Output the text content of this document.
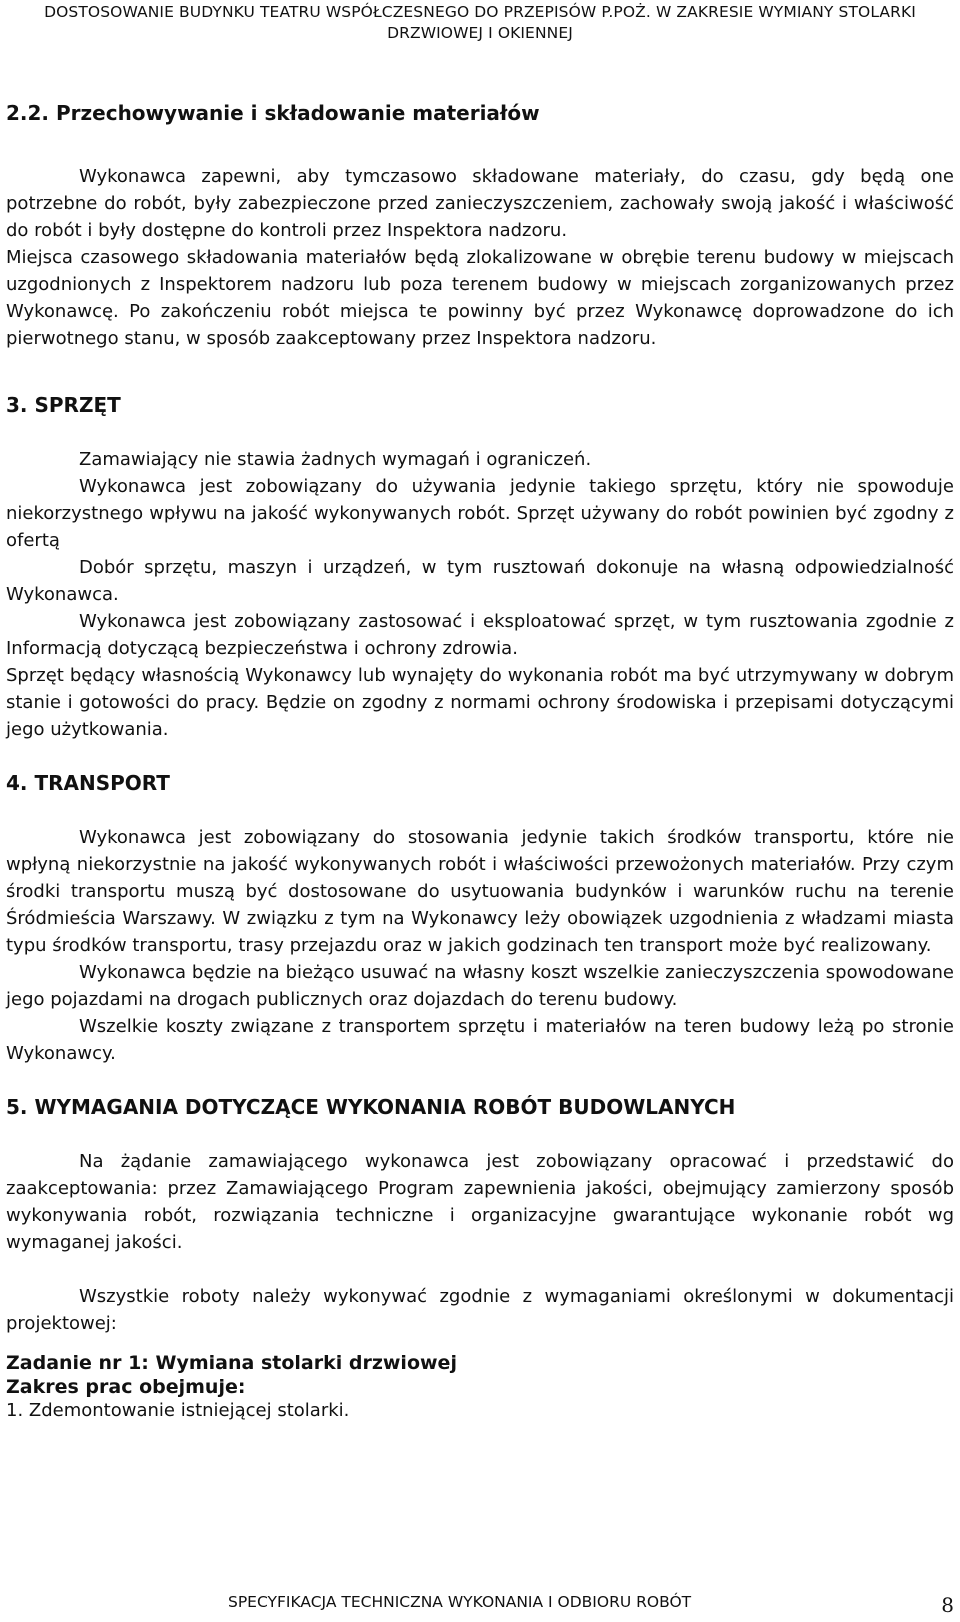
DOSTOSOWANIE BUDYNKU TEATRU WSPÓŁCZESNEGO DO PRZEPISÓW P.POŻ. W ZAKRESIE WYMIANY STOLARKI
DRZWIOWEJ I OKIENNEJ
2.2. Przechowywanie i składowanie materiałów

Wykonawca zapewni, aby tymczasowo składowane materiały, do czasu, gdy będą one potrzebne do robót, były zabezpieczone przed zanieczyszczeniem, zachowały swoją jakość i właściwość do robót i były dostępne do kontroli przez Inspektora nadzoru.

Miejsca czasowego składowania materiałów będą zlokalizowane w obrębie terenu budowy w miejscach uzgodnionych z Inspektorem nadzoru lub poza terenem budowy w miejscach zorganizowanych przez Wykonawcę. Po zakończeniu robót miejsca te powinny być przez Wykonawcę doprowadzone do ich pierwotnego stanu, w sposób zaakceptowany przez Inspektora nadzoru.

3. SPRZĘT

Zamawiający nie stawia żadnych wymagań i ograniczeń.

Wykonawca jest zobowiązany do używania jedynie takiego sprzętu, który nie spowoduje niekorzystnego wpływu na jakość wykonywanych robót. Sprzęt używany do robót powinien być zgodny z ofertą

Dobór sprzętu, maszyn i urządzeń, w tym rusztowań dokonuje na własną odpowiedzialność Wykonawca.

Wykonawca jest zobowiązany zastosować i eksploatować sprzęt, w tym rusztowania zgodnie z Informacją dotyczącą bezpieczeństwa i ochrony zdrowia.

Sprzęt będący własnością Wykonawcy lub wynajęty do wykonania robót ma być utrzymywany w dobrym stanie i gotowości do pracy. Będzie on zgodny z normami ochrony środowiska i przepisami dotyczącymi jego użytkowania.

4. TRANSPORT

Wykonawca jest zobowiązany do stosowania jedynie takich środków transportu, które nie wpłyną niekorzystnie na jakość wykonywanych robót i właściwości przewożonych materiałów. Przy czym środki transportu muszą być dostosowane do usytuowania budynków i warunków ruchu na terenie Śródmieścia Warszawy. W związku z tym na Wykonawcy leży obowiązek uzgodnienia z władzami miasta typu środków transportu, trasy przejazdu oraz w jakich godzinach ten transport może być realizowany.

Wykonawca będzie na bieżąco usuwać na własny koszt wszelkie zanieczyszczenia spowodowane jego pojazdami na drogach publicznych oraz dojazdach do terenu budowy.

Wszelkie koszty związane z transportem sprzętu i materiałów na teren budowy leżą po stronie Wykonawcy.

5. WYMAGANIA DOTYCZĄCE WYKONANIA ROBÓT BUDOWLANYCH

Na żądanie zamawiającego wykonawca jest zobowiązany opracować i przedstawić do zaakceptowania: przez Zamawiającego Program zapewnienia jakości, obejmujący zamierzony sposób wykonywania robót, rozwiązania techniczne i organizacyjne gwarantujące wykonanie robót wg wymaganej jakości.

Wszystkie roboty należy wykonywać zgodnie z wymaganiami określonymi w dokumentacji projektowej:

Zadanie nr 1: Wymiana stolarki drzwiowej

Zakres prac obejmuje:

1. Zdemontowanie istniejącej stolarki.

SPECYFIKACJA TECHNICZNA WYKONANIA I ODBIORU ROBÓT	8
